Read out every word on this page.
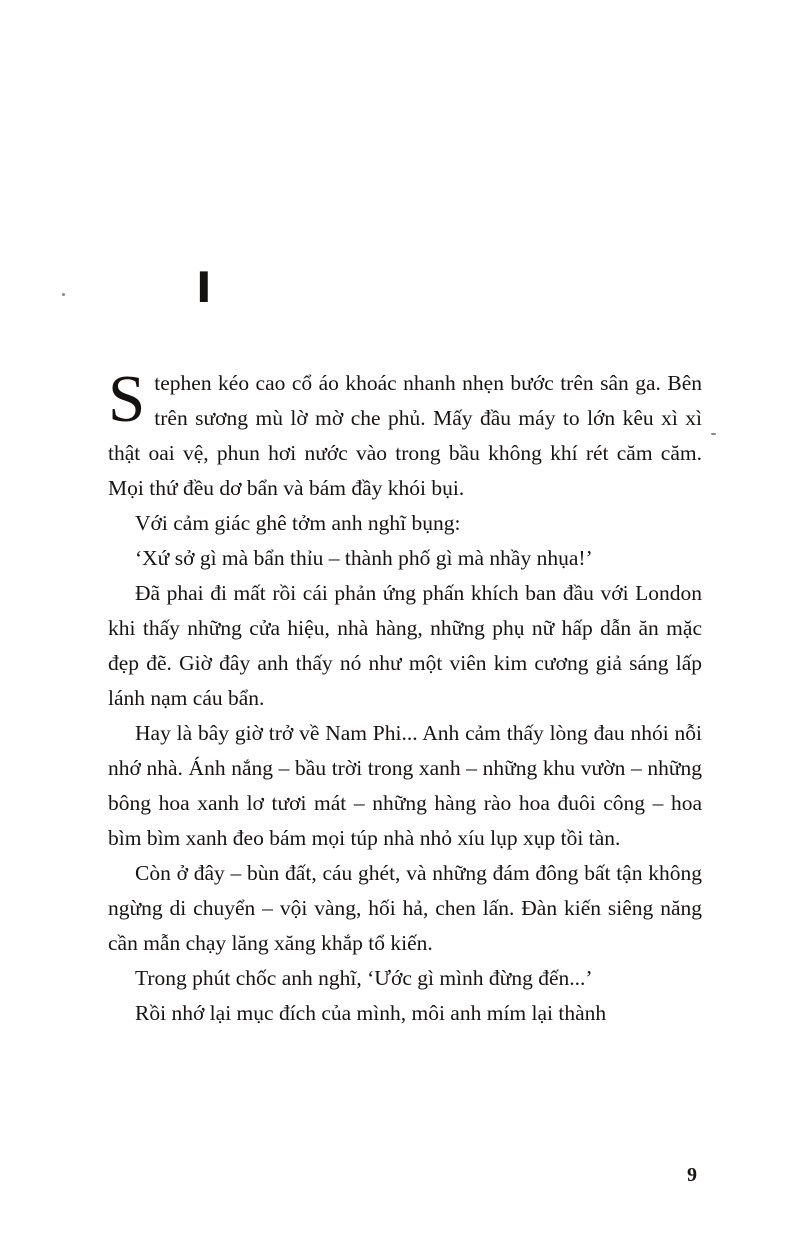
I

Stephen kéo cao cổ áo khoác nhanh nhẹn bước trên sân ga. Bên trên sương mù lờ mờ che phủ. Mấy đầu máy to lớn kêu xì xì thật oai vệ, phun hơi nước vào trong bầu không khí rét căm căm. Mọi thứ đều dơ bẩn và bám đầy khói bụi.

Với cảm giác ghê tởm anh nghĩ bụng:

‘Xứ sở gì mà bẩn thỉu – thành phố gì mà nhầy nhụa!’

Đã phai đi mất rồi cái phản ứng phấn khích ban đầu với London khi thấy những cửa hiệu, nhà hàng, những phụ nữ hấp dẫn ăn mặc đẹp đẽ. Giờ đây anh thấy nó như một viên kim cương giả sáng lấp lánh nạm cáu bẩn.

Hay là bây giờ trở về Nam Phi... Anh cảm thấy lòng đau nhói nỗi nhớ nhà. Ánh nắng – bầu trời trong xanh – những khu vườn – những bông hoa xanh lơ tươi mát – những hàng rào hoa đuôi công – hoa bìm bìm xanh đeo bám mọi túp nhà nhỏ xíu lụp xụp tồi tàn.

Còn ở đây – bùn đất, cáu ghét, và những đám đông bất tận không ngừng di chuyển – vội vàng, hối hả, chen lấn. Đàn kiến siêng năng cần mẫn chạy lăng xăng khắp tổ kiến.

Trong phút chốc anh nghĩ, ‘Ước gì mình đừng đến...’

Rồi nhớ lại mục đích của mình, môi anh mím lại thành

9
